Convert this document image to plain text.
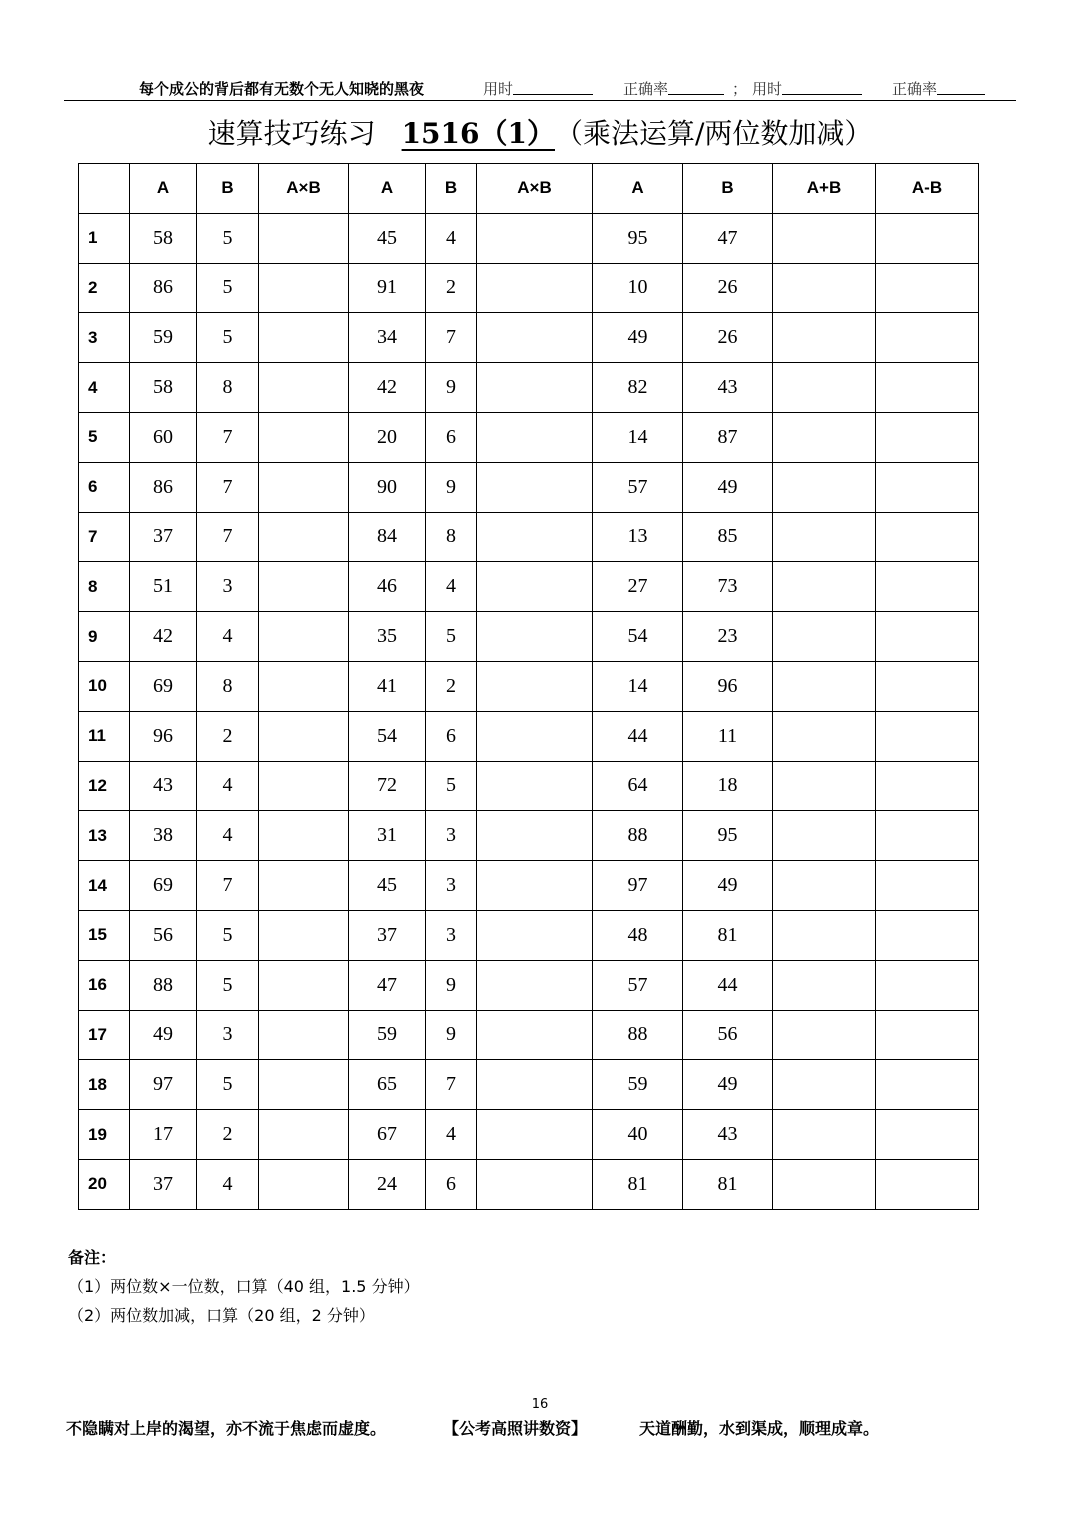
每个成公的背后都有无数个无人知晓的黑夜	用时	正确率	； 用时	正确率
速算技巧练习 1516（1） （乘法运算/两位数加减）
	A	B	A×B	A	B	A×B	A	B	A+B	A-B
1	58	5		45	4		95	47		
2	86	5		91	2		10	26		
3	59	5		34	7		49	26		
4	58	8		42	9		82	43		
5	60	7		20	6		14	87		
6	86	7		90	9		57	49		
7	37	7		84	8		13	85		
8	51	3		46	4		27	73		
9	42	4		35	5		54	23		
10	69	8		41	2		14	96		
11	96	2		54	6		44	11		
12	43	4		72	5		64	18		
13	38	4		31	3		88	95		
14	69	7		45	3		97	49		
15	56	5		37	3		48	81		
16	88	5		47	9		57	44		
17	49	3		59	9		88	56		
18	97	5		65	7		59	49		
19	17	2		67	4		40	43		
20	37	4		24	6		81	81		
备注：
（1）两位数×一位数，口算（40 组，1.5 分钟）
（2）两位数加减，口算（20 组，2 分钟）
16
不隐瞒对上岸的渴望，亦不流于焦虑而虚度。	【公考高照讲数资】	天道酬勤，水到渠成，顺理成章。
